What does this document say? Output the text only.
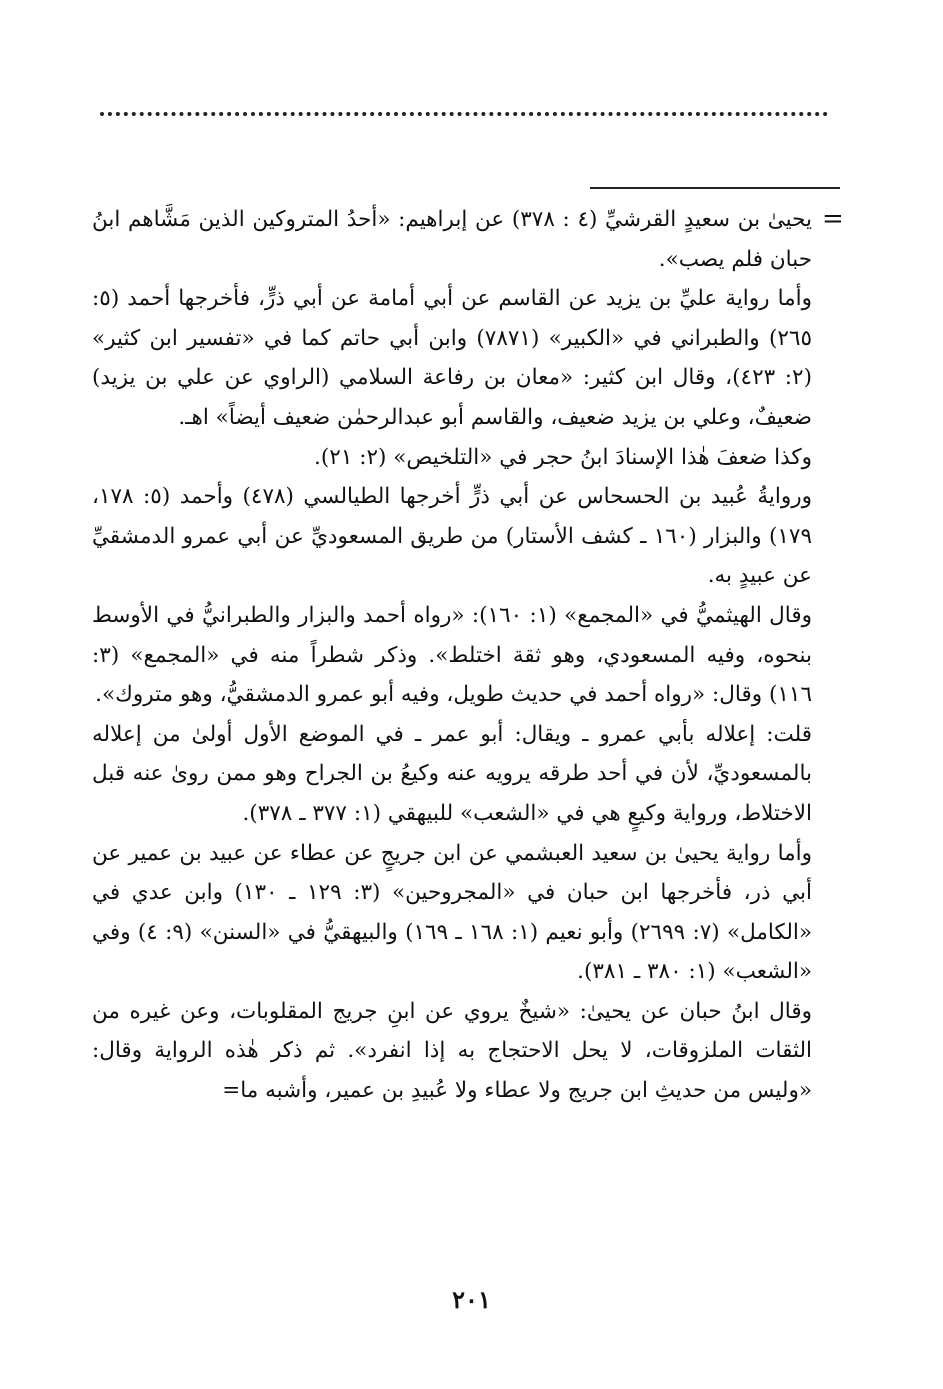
=

يحيىٰ بن سعيدٍ القرشيِّ (٤ : ٣٧٨) عن إبراهيم: «أحدُ المتروكين الذين مَشَّاهم ابنُ حبان فلم يصب».

وأما رواية عليِّ بن يزيد عن القاسم عن أبي أمامة عن أبي ذرٍّ، فأخرجها أحمد (٥: ٢٦٥) والطبراني في «الكبير» (٧٨٧١) وابن أبي حاتم كما في «تفسير ابن كثير» (٢: ٤٢٣)، وقال ابن كثير: «معان بن رفاعة السلامي (الراوي عن علي بن يزيد) ضعيفٌ، وعلي بن يزيد ضعيف، والقاسم أبو عبدالرحمٰن ضعيف أيضاً» اهـ.

وكذا ضعفَ هٰذا الإسنادَ ابنُ حجر في «التلخيص» (٢: ٢١).

وروايةُ عُبيد بن الحسحاس عن أبي ذرٍّ أخرجها الطيالسي (٤٧٨) وأحمد (٥: ١٧٨، ١٧٩) والبزار (١٦٠ ـ كشف الأستار) من طريق المسعوديِّ عن أبي عمرو الدمشقيِّ عن عبيدٍ به.

وقال الهيثميُّ في «المجمع» (١: ١٦٠): «رواه أحمد والبزار والطبرانيُّ في الأوسط بنحوه، وفيه المسعودي، وهو ثقة اختلط». وذكر شطراً منه في «المجمع» (٣: ١١٦) وقال: «رواه أحمد في حديث طويل، وفيه أبو عمرو الدمشقيُّ، وهو متروك».

قلت: إعلاله بأبي عمرو ـ ويقال: أبو عمر ـ في الموضع الأول أولىٰ من إعلاله بالمسعوديِّ، لأن في أحد طرقه يرويه عنه وكيعُ بن الجراح وهو ممن روىٰ عنه قبل الاختلاط، ورواية وكيعٍ هي في «الشعب» للبيهقي (١: ٣٧٧ ـ ٣٧٨).

وأما رواية يحيىٰ بن سعيد العبشمي عن ابن جريجٍ عن عطاء عن عبيد بن عمير عن أبي ذر، فأخرجها ابن حبان في «المجروحين» (٣: ١٢٩ ـ ١٣٠) وابن عدي في «الكامل» (٧: ٢٦٩٩) وأبو نعيم (١: ١٦٨ ـ ١٦٩) والبيهقيُّ في «السنن» (٩: ٤) وفي «الشعب» (١: ٣٨٠ ـ ٣٨١).

وقال ابنُ حبان عن يحيىٰ: «شيخٌ يروي عن ابنِ جريج المقلوبات، وعن غيره من الثقات الملزوقات، لا يحل الاحتجاج به إذا انفرد». ثم ذكر هٰذه الرواية وقال: «وليس من حديثِ ابن جريج ولا عطاء ولا عُبيدِ بن عمير، وأشبه ما=

٢٠١
